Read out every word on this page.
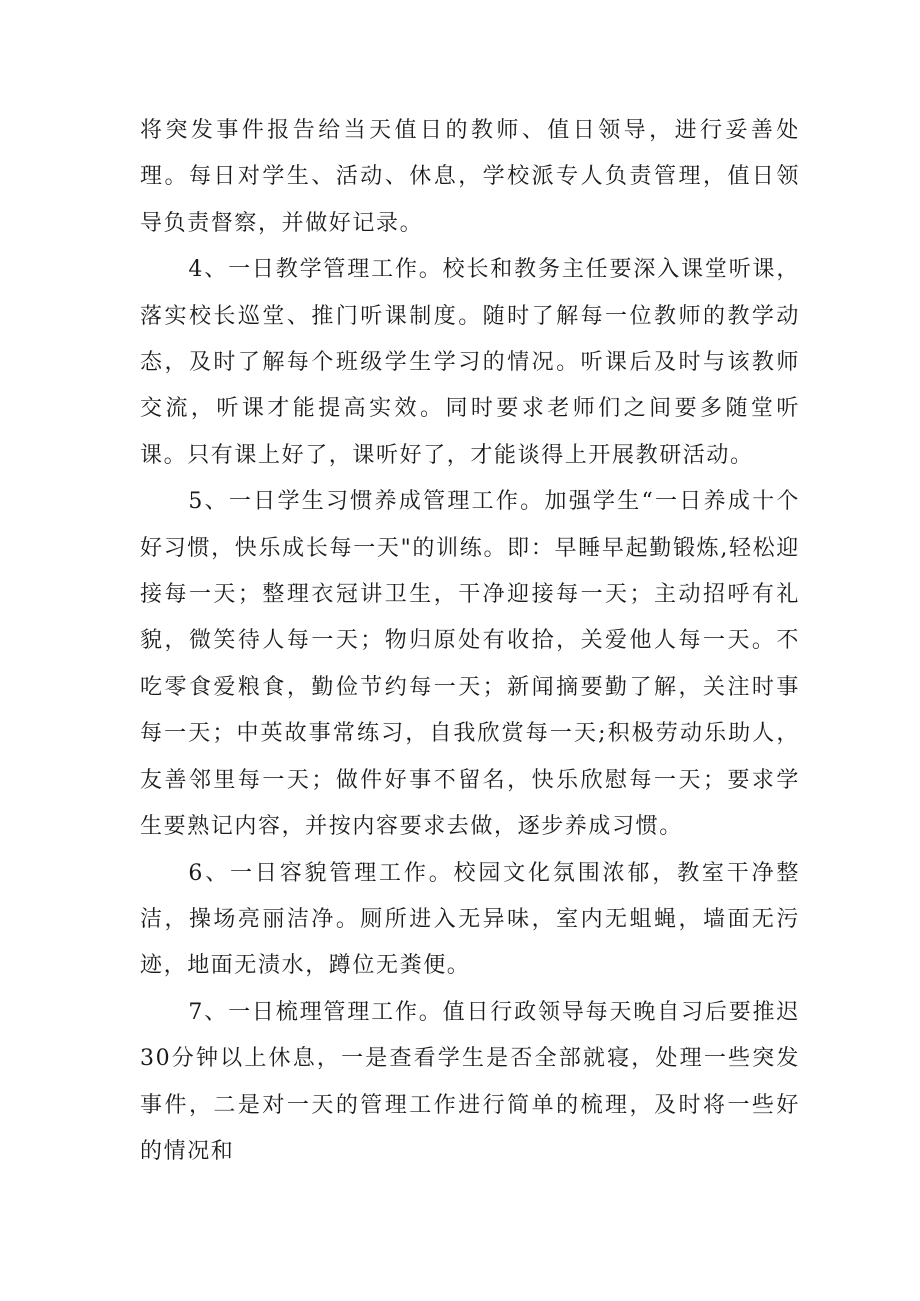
将突发事件报告给当天值日的教师、值日领导，进行妥善处理。每日对学生、活动、休息，学校派专人负责管理，值日领导负责督察，并做好记录。

4、一日教学管理工作。校长和教务主任要深入课堂听课，落实校长巡堂、推门听课制度。随时了解每一位教师的教学动态，及时了解每个班级学生学习的情况。听课后及时与该教师交流，听课才能提高实效。同时要求老师们之间要多随堂听课。只有课上好了，课听好了，才能谈得上开展教研活动。

5、一日学生习惯养成管理工作。加强学生“一日养成十个好习惯，快乐成长每一天"的训练。即：早睡早起勤锻炼,轻松迎接每一天；整理衣冠讲卫生，干净迎接每一天；主动招呼有礼貌，微笑待人每一天；物归原处有收拾，关爱他人每一天。不吃零食爱粮食，勤俭节约每一天；新闻摘要勤了解，关注时事每一天；中英故事常练习，自我欣赏每一天;积极劳动乐助人，友善邻里每一天；做件好事不留名，快乐欣慰每一天；要求学生要熟记内容，并按内容要求去做，逐步养成习惯。

6、一日容貌管理工作。校园文化氛围浓郁，教室干净整洁，操场亮丽洁净。厕所进入无异味，室内无蛆蝇，墙面无污迹，地面无渍水，蹲位无粪便。

7、一日梳理管理工作。值日行政领导每天晚自习后要推迟30分钟以上休息，一是查看学生是否全部就寝，处理一些突发事件，二是对一天的管理工作进行简单的梳理，及时将一些好的情况和
